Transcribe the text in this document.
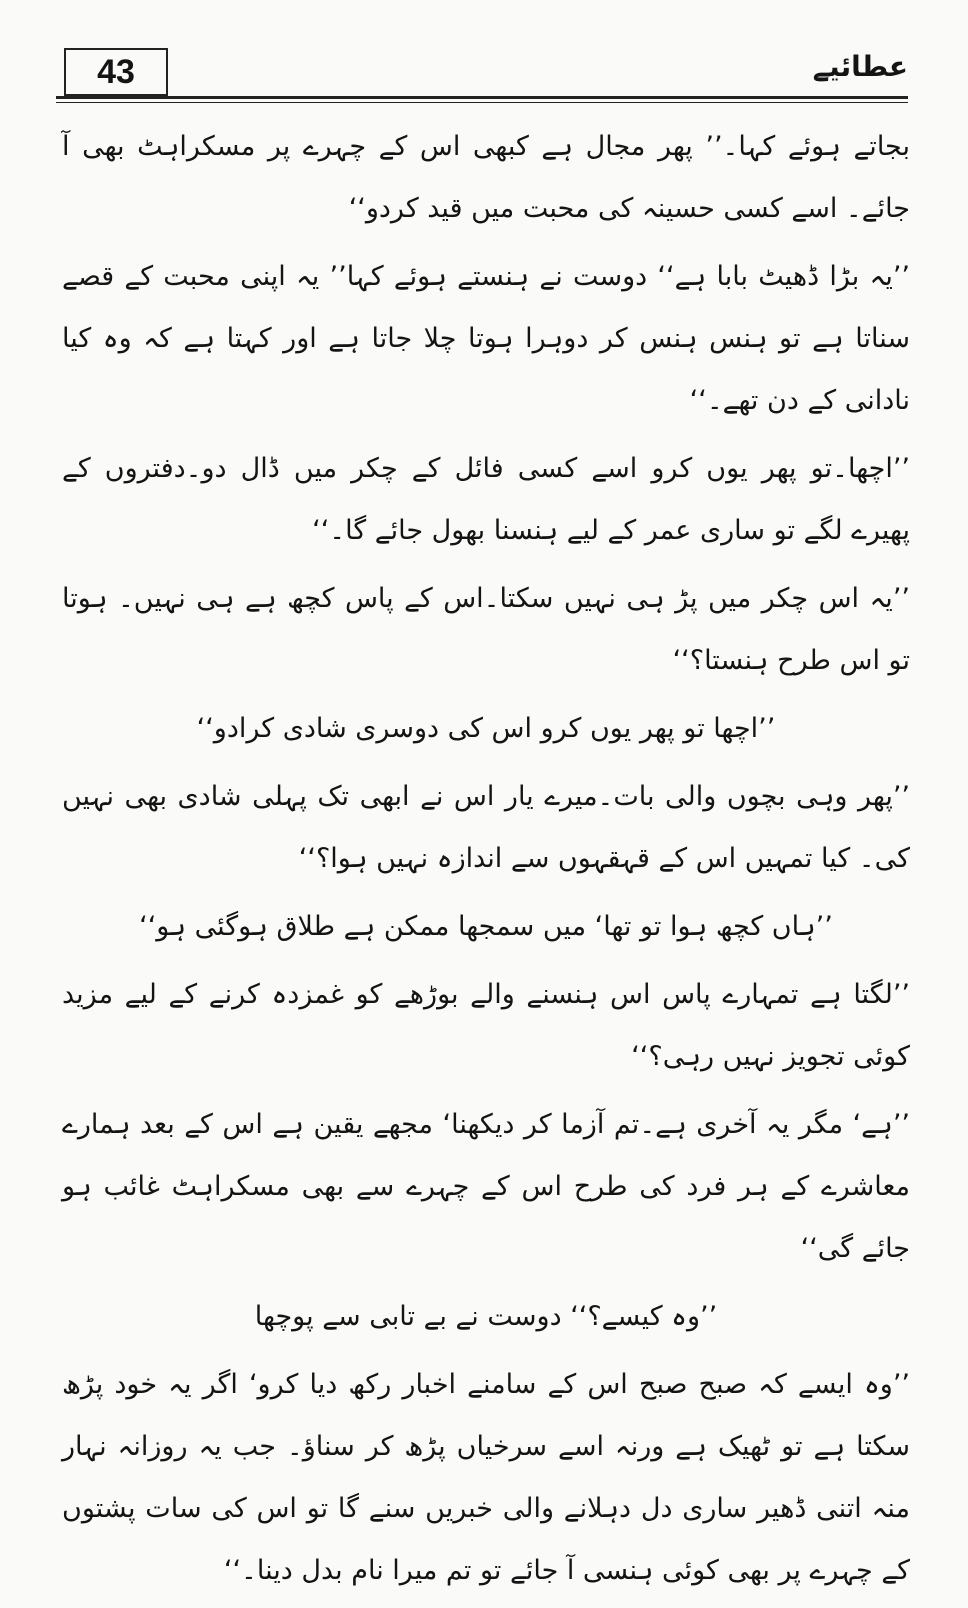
43	عطائیے

بجاتے ہوئے کہا۔’’ پھر مجال ہے کبھی اس کے چہرے پر مسکراہٹ بھی آ جائے۔ اسے کسی حسینہ کی محبت میں قید کردو‘‘

’’یہ بڑا ڈھیٹ بابا ہے‘‘ دوست نے ہنستے ہوئے کہا’’ یہ اپنی محبت کے قصے سناتا ہے تو ہنس ہنس کر دوہرا ہوتا چلا جاتا ہے اور کہتا ہے کہ وہ کیا نادانی کے دن تھے۔‘‘

’’اچھا۔تو پھر یوں کرو اسے کسی فائل کے چکر میں ڈال دو۔دفتروں کے پھیرے لگے تو ساری عمر کے لیے ہنسنا بھول جائے گا۔‘‘

’’یہ اس چکر میں پڑ ہی نہیں سکتا۔اس کے پاس کچھ ہے ہی نہیں۔ ہوتا تو اس طرح ہنستا؟‘‘

’’اچھا تو پھر یوں کرو اس کی دوسری شادی کرادو‘‘

’’پھر وہی بچوں والی بات۔میرے یار اس نے ابھی تک پہلی شادی بھی نہیں کی۔ کیا تمہیں اس کے قہقہوں سے اندازہ نہیں ہوا؟‘‘

’’ہاں کچھ ہوا تو تھا‘ میں سمجھا ممکن ہے طلاق ہوگئی ہو‘‘

’’لگتا ہے تمہارے پاس اس ہنسنے والے بوڑھے کو غمزدہ کرنے کے لیے مزید کوئی تجویز نہیں رہی؟‘‘

’’ہے‘ مگر یہ آخری ہے۔تم آزما کر دیکھنا‘ مجھے یقین ہے اس کے بعد ہمارے معاشرے کے ہر فرد کی طرح اس کے چہرے سے بھی مسکراہٹ غائب ہو جائے گی‘‘

’’وہ کیسے؟‘‘ دوست نے بے تابی سے پوچھا

’’وہ ایسے کہ صبح صبح اس کے سامنے اخبار رکھ دیا کرو‘ اگر یہ خود پڑھ سکتا ہے تو ٹھیک ہے ورنہ اسے سرخیاں پڑھ کر سناؤ۔ جب یہ روزانہ نہار منہ اتنی ڈھیر ساری دل دہلانے والی خبریں سنے گا تو اس کی سات پشتوں کے چہرے پر بھی کوئی ہنسی آ جائے تو تم میرا نام بدل دینا۔‘‘
